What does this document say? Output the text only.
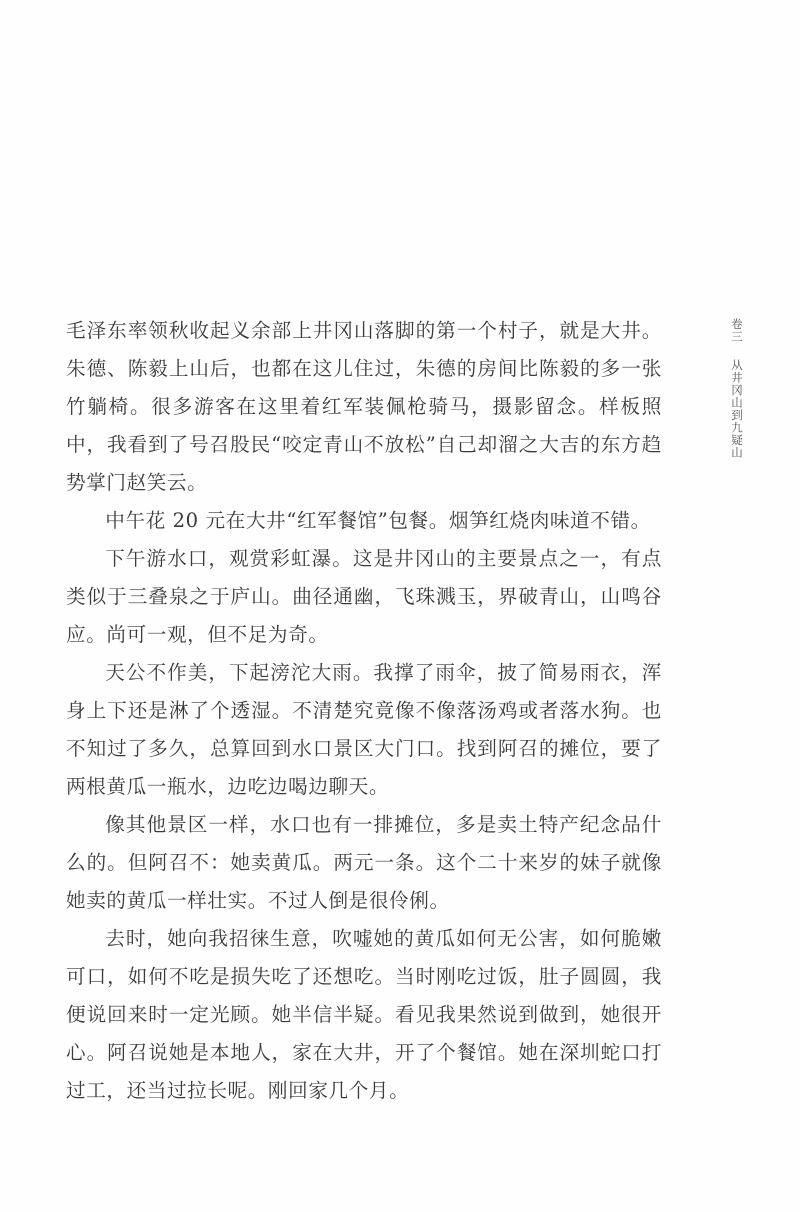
卷三从井冈山到九疑山

毛泽东率领秋收起义余部上井冈山落脚的第一个村子，就是大井。朱德、陈毅上山后，也都在这儿住过，朱德的房间比陈毅的多一张竹躺椅。很多游客在这里着红军装佩枪骑马，摄影留念。样板照中，我看到了号召股民“咬定青山不放松”自己却溜之大吉的东方趋势掌门赵笑云。

中午花 20 元在大井“红军餐馆”包餐。烟笋红烧肉味道不错。

下午游水口，观赏彩虹瀑。这是井冈山的主要景点之一，有点类似于三叠泉之于庐山。曲径通幽，飞珠溅玉，界破青山，山鸣谷应。尚可一观，但不足为奇。

天公不作美，下起滂沱大雨。我撑了雨伞，披了简易雨衣，浑身上下还是淋了个透湿。不清楚究竟像不像落汤鸡或者落水狗。也不知过了多久，总算回到水口景区大门口。找到阿召的摊位，要了两根黄瓜一瓶水，边吃边喝边聊天。

像其他景区一样，水口也有一排摊位，多是卖土特产纪念品什么的。但阿召不：她卖黄瓜。两元一条。这个二十来岁的妹子就像她卖的黄瓜一样壮实。不过人倒是很伶俐。

去时，她向我招徕生意，吹嘘她的黄瓜如何无公害，如何脆嫩可口，如何不吃是损失吃了还想吃。当时刚吃过饭，肚子圆圆，我便说回来时一定光顾。她半信半疑。看见我果然说到做到，她很开心。阿召说她是本地人，家在大井，开了个餐馆。她在深圳蛇口打过工，还当过拉长呢。刚回家几个月。
